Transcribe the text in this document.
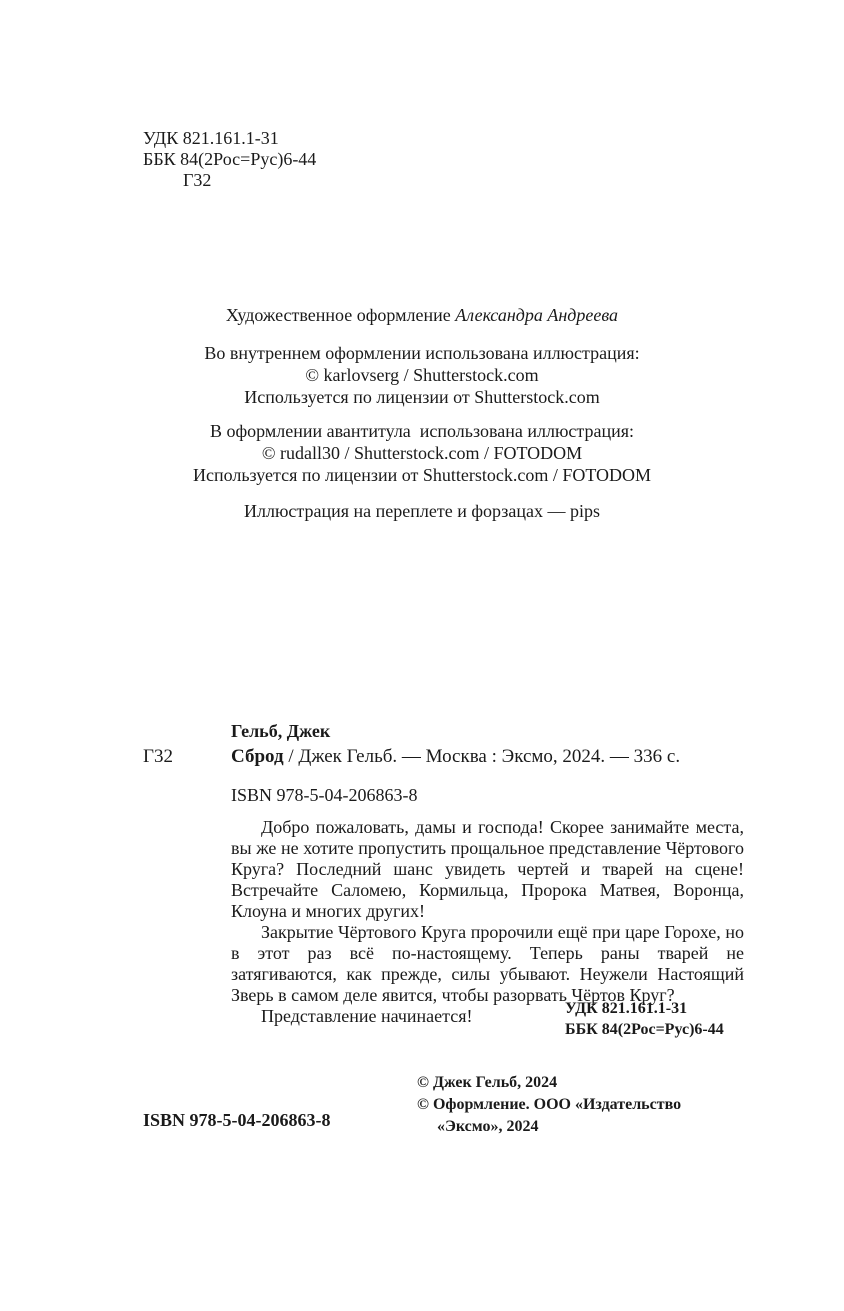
УДК 821.161.1-31
ББК 84(2Рос=Рус)6-44
Г32
Художественное оформление Александра Андреева
Во внутреннем оформлении использована иллюстрация:
© karlovserg / Shutterstock.com
Используется по лицензии от Shutterstock.com
В оформлении авантитула  использована иллюстрация:
© rudall30 / Shutterstock.com / FOTODOM
Используется по лицензии от Shutterstock.com / FOTODOM
Иллюстрация на переплете и форзацах — pips
Гельб, Джек
Г32	Сброд / Джек Гельб. — Москва : Эксмо, 2024. — 336 с.
ISBN 978-5-04-206863-8

Добро пожаловать, дамы и господа! Скорее занимайте места, вы же не хотите пропустить прощальное представление Чёртового Круга? Последний шанс увидеть чертей и тварей на сцене! Встречайте Саломею, Кормильца, Пророка Матвея, Воронца, Клоуна и многих других!

Закрытие Чёртового Круга пророчили ещё при царе Горохе, но в этот раз всё по-настоящему. Теперь раны тварей не затягиваются, как прежде, силы убывают. Неужели Настоящий Зверь в самом деле явится, чтобы разорвать Чёртов Круг?

Представление начинается!	УДК 821.161.1-31
ББК 84(2Рос=Рус)6-44
© Джек Гельб, 2024
© Оформление. ООО «Издательство
«Эксмо», 2024
ISBN 978-5-04-206863-8
